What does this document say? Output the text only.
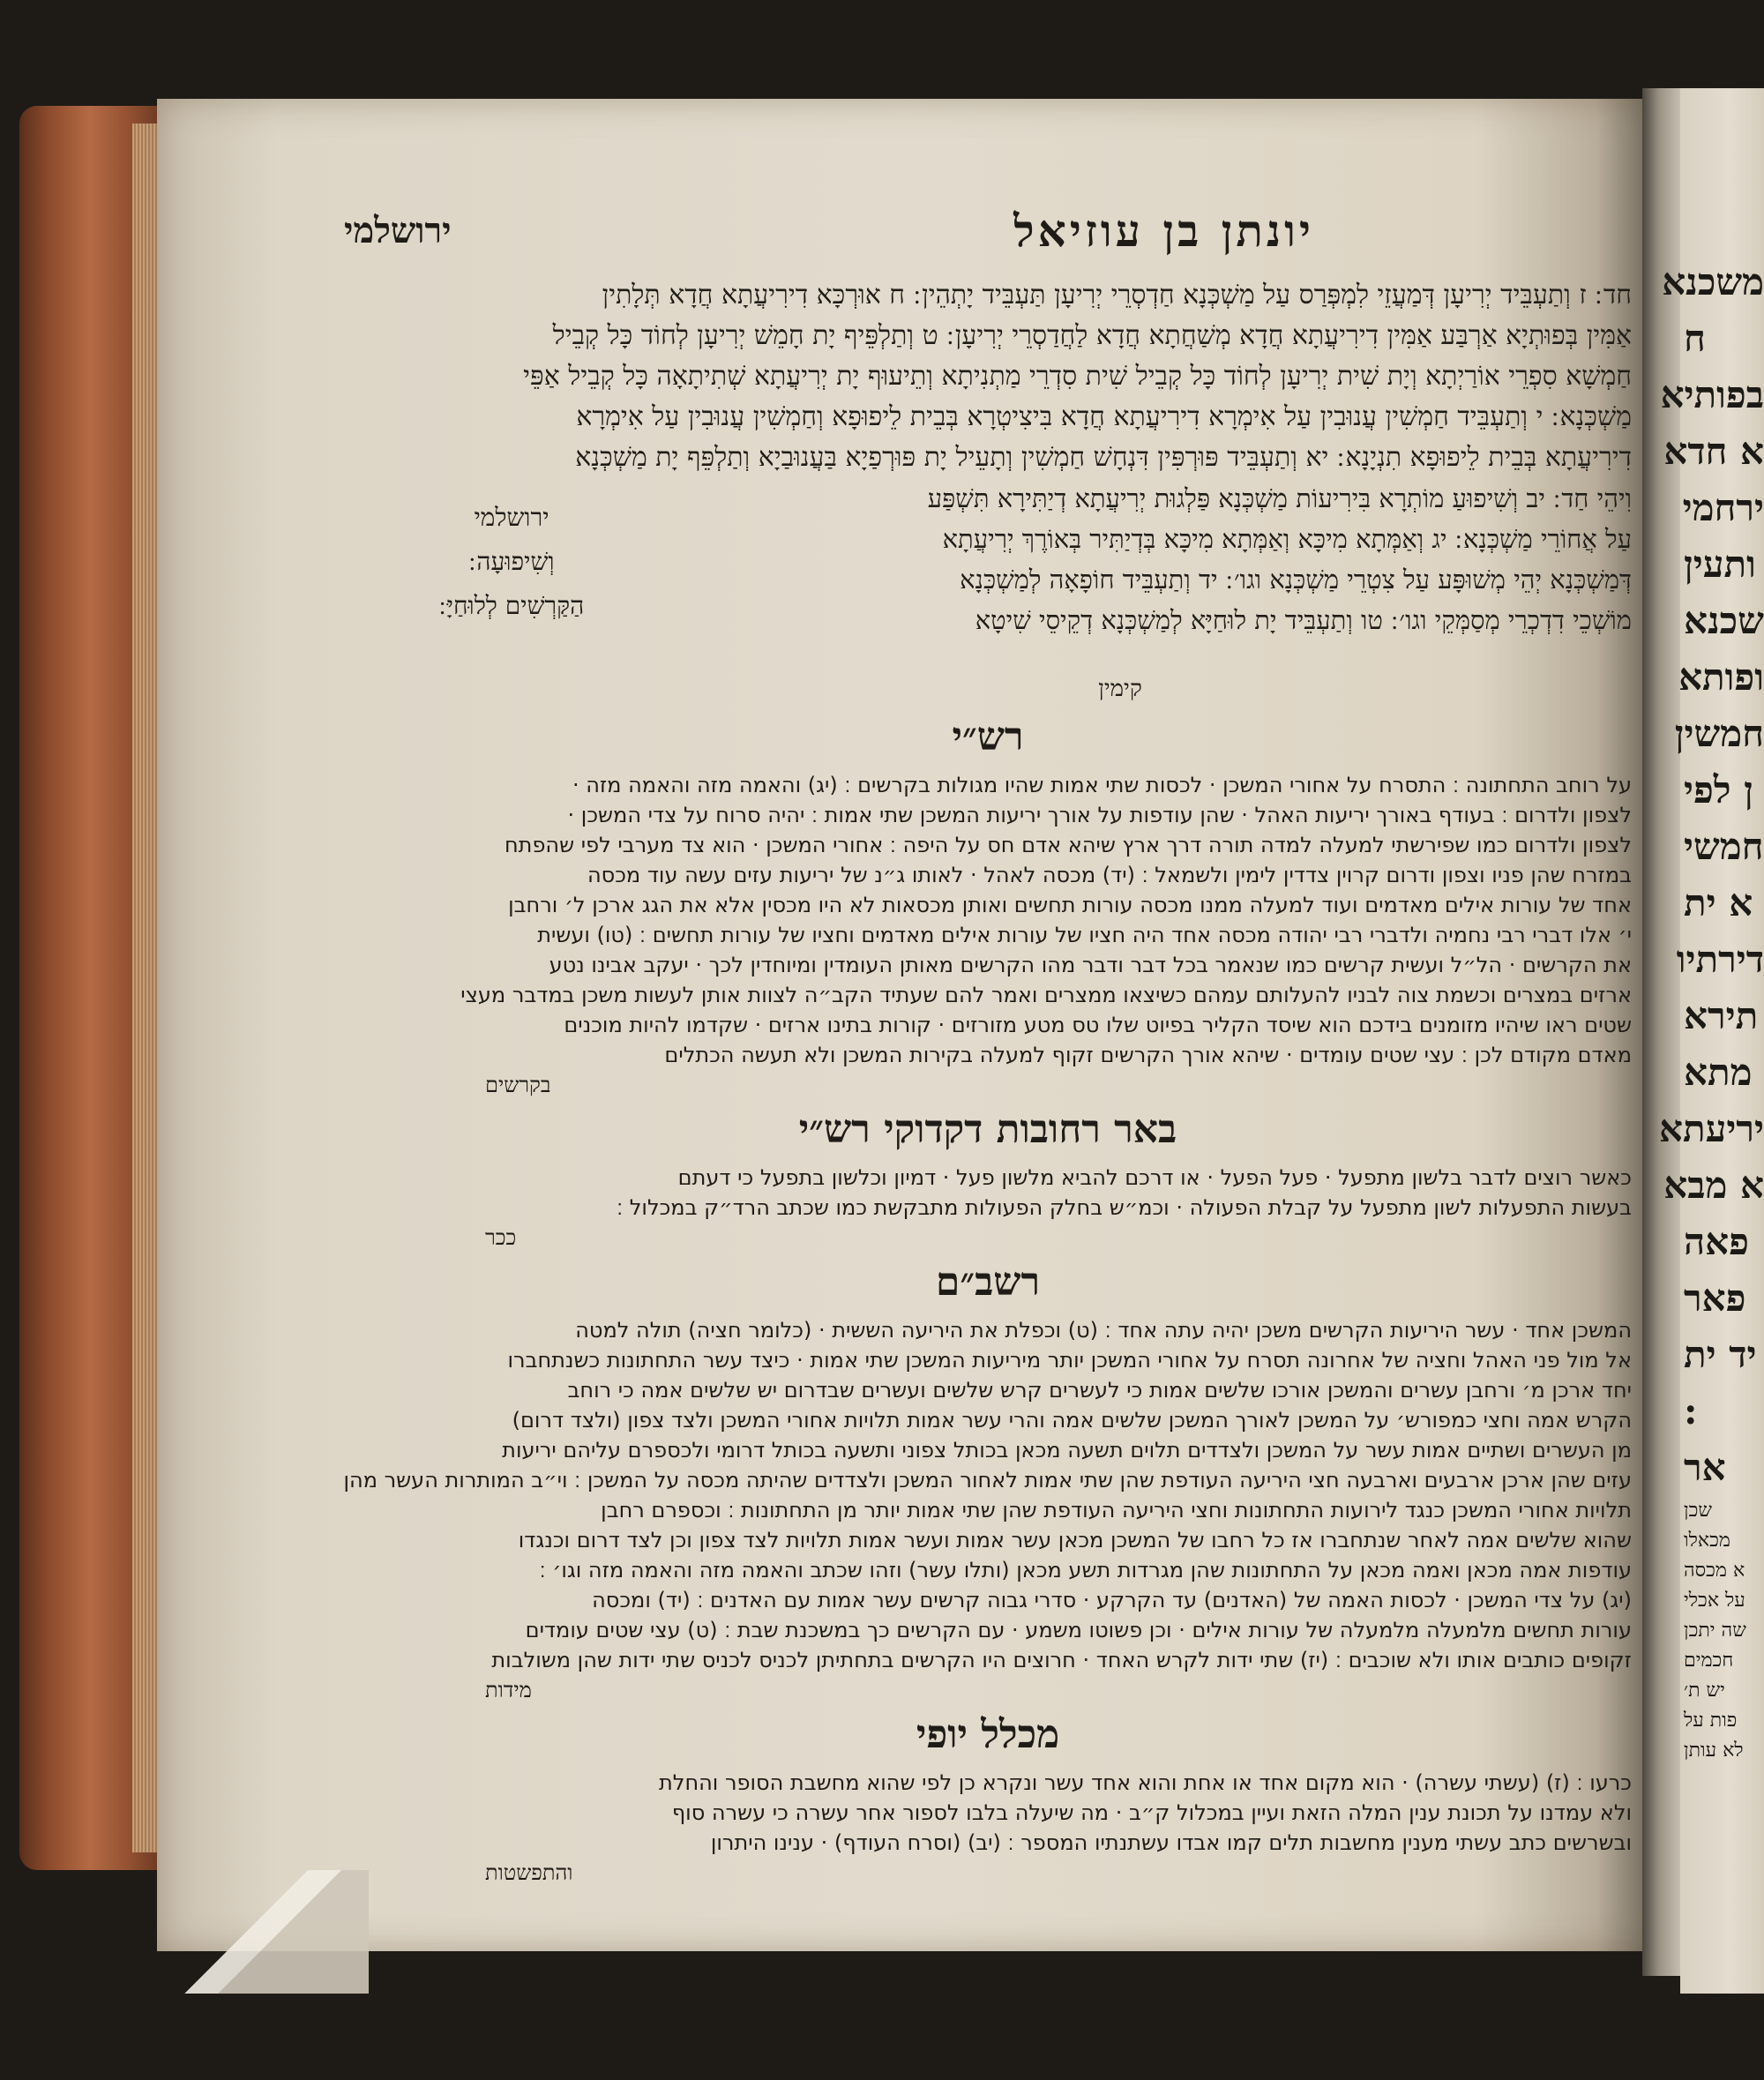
משכנא
ח
בפותיא
א חדא
ירחמי
ותעין
שכנא
ופותא
חמשין
ן לפי
חמשי
א ית
דירתיו
תירא
מתא
יריעתא
א מבא
פאה
פאר
יד ית
:
אר
שכן
מכאלו
א מכסה
על אכלי
שה יתכן
חכמים
יש ת׳
פות על
לא עותן
יונתן בן עוזיאל
ירושלמי
חד ׃ ז וְתַעְבֵּיד יְרִיעָן דְּמַעֲזֵי לִמְפְּרַס עַל מַשְׁכְּנָא חַדְסְרֵי יְרִיעָן תַּעְבֵּיד יָתְהֵין ׃ ח אוּרְכָּא דִירִיעֲתָא חֲדָא תְּלָתִין
אַמִּין בְּפוּתְיָא אַרְבַּע אַמִּין דִירִיעֲתָא חֲדָא מְשַׁחֲתָא חֲדָא לַחֲדַסְרֵי יְרִיעָן ׃ ט וְתַלְפֵּיף יָת חָמֵשׁ יְרִיעָן לְחוֹד כָּל קְבֵיל
חַמְשָׁא סִפְרֵי אוֹרַיְתָא וְיָת שִׁית יְרִיעָן לְחוֹד כָּל קְבֵיל שִׁית סִדְרֵי מַתְנִיתָא וְתֵיעוּף יָת יְרִיעֲתָא שְׁתִיתָאָה כָּל קְבֵיל אַפֵּי
מַשְׁכְּנָא ׃ י וְתַעְבֵּיד חַמְשִׁין עֲנוּבִין עַל אִימְרָא דִירִיעֲתָא חֲדָא בִּיצִיטְרָא בְּבֵית לֵיפוּפָא וְחַמְשִׁין עֲנוּבִין עַל אִימְרָא
דִירִיעֲתָא בְּבֵית לֵיפוּפָא תִנְיָנָא ׃ יא וְתַעְבֵּיד פּוּרְפִּין דִּנְחָשׁ חַמְשִׁין וְתָעֵיל יָת פּוּרְפַיָא בַּעֲנוּבַיָא וְתַלְפֵּף יָת מַשְׁכְּנָא
וִיהֵי חַד ׃ יב וְשִׁיפוּעַ מוֹתְרָא בִּירִיעוֹת מַשְׁכְּנָא פַּלְגוּת יְרִיעֲתָא דְיַתִּירָא תִּשְׁפַּע
עַל אֲחוֹרֵי מַשְׁכְּנָא ׃ יג וְאַמְּתָא מִיכָּא וְאַמְּתָא מִיכָּא בְּדְיַתִּיר בְּאוֹרֶךְ יְרִיעֲתָא
דְּמַשְׁכְּנָא יְהֵי מְשׁוּפָּע עַל צִטְרֵי מַשְׁכְּנָא וגו׳ ׃ יד וְתַעְבֵּיד חוֹפָאָה לְמַשְׁכְּנָא
מוֹשְׁכֵי דִדְכְרֵי מְסַמְּקֵי וגו׳ ׃ טו וְתַעְבֵּיד יָת לוּחַיָּא לְמַשְׁכְּנָא דְקֵיסֵי שִׁיטָא
ירושלמי
וְשִׁיפוּעָה ׃
הַקַּרְשִׁים לְלוּחַיָּ ׃
קימין
רש״י
על רוחב התחתונה ׃ התסרח על אחורי המשכן · לכסות שתי אמות שהיו מגולות בקרשים ׃ (יג) והאמה מזה והאמה מזה ·
לצפון ולדרום ׃ בעודף באורך יריעות האהל · שהן עודפות על אורך יריעות המשכן שתי אמות ׃ יהיה סרוח על צדי המשכן ·
לצפון ולדרום כמו שפירשתי למעלה למדה תורה דרך ארץ שיהא אדם חס על היפה ׃ אחורי המשכן · הוא צד מערבי לפי שהפתח
במזרח שהן פניו וצפון ודרום קרוין צדדין לימין ולשמאל ׃ (יד) מכסה לאהל · לאותו ג״נ של יריעות עזים עשה עוד מכסה
אחד של עורות אילים מאדמים ועוד למעלה ממנו מכסה עורות תחשים ואותן מכסאות לא היו מכסין אלא את הגג ארכן ל׳ ורחבן
י׳ אלו דברי רבי נחמיה ולדברי רבי יהודה מכסה אחד היה חציו של עורות אילים מאדמים וחציו של עורות תחשים ׃ (טו) ועשית
את הקרשים · הל״ל ועשית קרשים כמו שנאמר בכל דבר ודבר מהו הקרשים מאותן העומדין ומיוחדין לכך · יעקב אבינו נטע
ארזים במצרים וכשמת צוה לבניו להעלותם עמהם כשיצאו ממצרים ואמר להם שעתיד הקב״ה לצוות אותן לעשות משכן במדבר מעצי
שטים ראו שיהיו מזומנים בידכם הוא שיסד הקליר בפיוט שלו טס מטע מזורזים · קורות בתינו ארזים · שקדמו להיות מוכנים
מאדם מקודם לכן ׃ עצי שטים עומדים · שיהא אורך הקרשים זקוף למעלה בקירות המשכן ולא תעשה הכתלים
בקרשים
באר רחובות דקדוקי רש״י
כאשר רוצים לדבר בלשון מתפעל · פעל הפעל · או דרכם להביא מלשון פעל · דמיון וכלשון בתפעל כי דעתם
בעשות התפעלות לשון מתפעל על קבלת הפעולה · וכמ״ש בחלק הפעולות מתבקשת כמו שכתב הרד״ק במכלול ׃
ככר
רשב״ם
המשכן אחד · עשר היריעות הקרשים משכן יהיה עתה אחד ׃ (ט) וכפלת את היריעה הששית · (כלומר חציה) תולה למטה
אל מול פני האהל וחציה של אחרונה תסרח על אחורי המשכן יותר מיריעות המשכן שתי אמות · כיצד עשר התחתונות כשנתחברו
יחד ארכן מ׳ ורחבן עשרים והמשכן אורכו שלשים אמות כי לעשרים קרש שלשים ועשרים שבדרום יש שלשים אמה כי רוחב
הקרש אמה וחצי כמפורש׳ על המשכן לאורך המשכן שלשים אמה והרי עשר אמות תלויות אחורי המשכן ולצד צפון (ולצד דרום)
מן העשרים ושתיים אמות עשר על המשכן ולצדדים תלוים תשעה מכאן בכותל צפוני ותשעה בכותל דרומי ולכספרם עליהם יריעות
עזים שהן ארכן ארבעים וארבעה חצי היריעה העודפת שהן שתי אמות לאחור המשכן ולצדדים שהיתה מכסה על המשכן ׃ וי״ב המותרות העשר מהן
תלויות אחורי המשכן כנגד לירועות התחתונות וחצי היריעה העודפת שהן שתי אמות יותר מן התחתונות ׃ וכספרם רחבן
שהוא שלשים אמה לאחר שנתחברו אז כל רחבו של המשכן מכאן עשר אמות ועשר אמות תלויות לצד צפון וכן לצד דרום וכנגדו
עודפות אמה מכאן ואמה מכאן על התחתונות שהן מגרדות תשע מכאן (ותלו עשר) וזהו שכתב והאמה מזה והאמה מזה וגו׳ ׃
(יג) על צדי המשכן · לכסות האמה של (האדנים) עד הקרקע · סדרי גבוה קרשים עשר אמות עם האדנים ׃ (יד) ומכסה
עורות תחשים מלמעלה מלמעלה של עורות אילים · וכן פשוטו משמע · עם הקרשים כך במשכנת שבת ׃ (ט) עצי שטים עומדים
זקופים כותבים אותו ולא שוכבים ׃ (יז) שתי ידות לקרש האחד · חרוצים היו הקרשים בתחתיתן לכניס לכניס שתי ידות שהן משולבות
מידות
מכלל יופי
כרעו ׃ (ז) (עשתי עשרה) · הוא מקום אחד או אחת והוא אחד עשר ונקרא כן לפי שהוא מחשבת הסופר והחלת
ולא עמדנו על תכונת ענין המלה הזאת ועיין במכלול ק״ב · מה שיעלה בלבו לספור אחר עשרה כי עשרה סוף
ובשרשים כתב עשתי מענין מחשבות תלים קמו אבדו עשתנתיו המספר ׃ (יב) (וסרח העודף) · ענינו היתרון
והתפשטות
